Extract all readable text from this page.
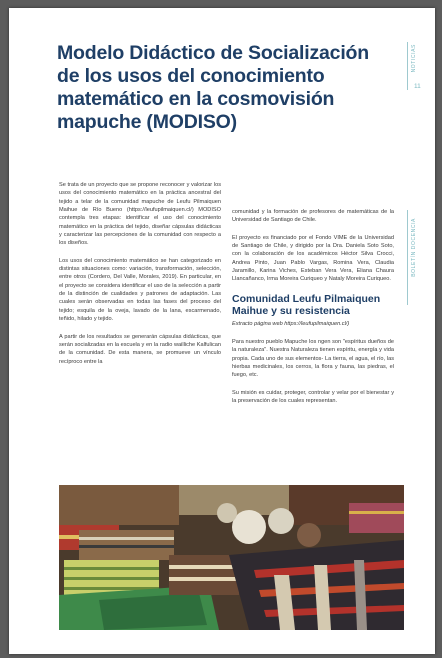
Modelo Didáctico de Socialización de los usos del conocimiento matemático en la cosmovisión mapuche (MODISO)
NOTICIAS
11
BOLETÍN DOCENCIA

Se trata de un proyecto que se propone reconocer y valorizar los usos del conocimiento matemático en la práctica ancestral del tejido a telar de la comunidad mapuche de Leufu Pilmaiquen Maihue de Río Bueno (https://leufupilmaiquen.cl/) MODISO contempla tres etapas: identificar el uso del conocimiento matemático en la práctica del tejido, diseñar cápsulas didácticas y caracterizar las percepciones de la comunidad con respecto a los diseños.

Los usos del conocimiento matemático se han categorizado en distintas situaciones como: variación, transformación, selección, entre otros (Cordero, Del Valle, Morales, 2019). En particular, en el proyecto se considera identificar el uso de la selección a partir de la distinción de cualidades y patrones de adaptación. Las cuales serán observadas en todas las fases del proceso del tejido; esquila de la oveja, lavado de la lana, escarmenado, teñido, hilado y tejido.

A partir de los resultados se generarán cápsulas didácticas, que serán socializadas en la escuela y en la radio wailliche Kalfulican de la comunidad. De esta manera, se promueve un vínculo recíproco entre la

comunidad y la formación de profesores de matemáticas de la Universidad de Santiago de Chile.

El proyecto es financiado por el Fondo VIME de la Universidad de Santiago de Chile, y dirigido por la Dra. Daniela Soto Soto, con la colaboración de los académicos Héctor Silva Crocci, Andrea Pinto, Juan Pablo Vargas, Romina Vera, Claudia Jaramillo, Karina Viches, Esteban Vera Vera, Eliana Chaura Llancañanco, Irma Moreira Curiqueo y Nataly Moreira Curiqueo.

Comunidad Leufu Pilmaiquen Maihue y su resistencia
Extracto página web https://leufupilmaiquen.cl/)

Para nuestro pueblo Mapuche los ngen son "espíritus dueños de la naturaleza". Nuestra Naturaleza tienen espíritu, energía y vida propia. Cada uno de sus elementos- La tierra, el agua, el río, las hierbas medicinales, los cerros, la flora y fauna, las piedras, el fuego, etc.

Su misión es cuidar, proteger, controlar y velar por el bienestar y la preservación de los cuales representan.
